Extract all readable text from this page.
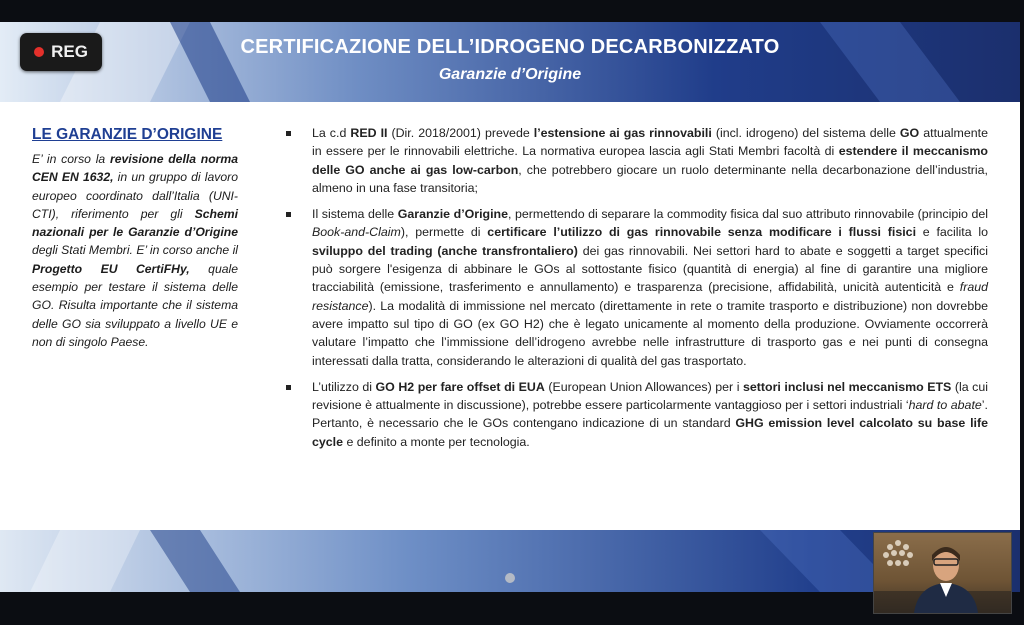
CERTIFICAZIONE DELL’IDROGENO DECARBONIZZATO
Garanzie d’Origine
LE GARANZIE D’ORIGINE

E’ in corso la revisione della norma CEN EN 1632, in un gruppo di lavoro europeo coordinato dall’Italia (UNI-CTI), riferimento per gli Schemi nazionali per le Garanzie d’Origine degli Stati Membri. E’ in corso anche il Progetto EU CertiFHy, quale esempio per testare il sistema delle GO. Risulta importante che il sistema delle GO sia sviluppato a livello UE e non di singolo Paese.

La c.d RED II (Dir. 2018/2001) prevede l’estensione ai gas rinnovabili (incl. idrogeno) del sistema delle GO attualmente in essere per le rinnovabili elettriche. La normativa europea lascia agli Stati Membri facoltà di estendere il meccanismo delle GO anche ai gas low-carbon, che potrebbero giocare un ruolo determinante nella decarbonazione dell’industria, almeno in una fase transitoria;

Il sistema delle Garanzie d’Origine, permettendo di separare la commodity fisica dal suo attributo rinnovabile (principio del Book-and-Claim), permette di certificare l’utilizzo di gas rinnovabile senza modificare i flussi fisici e facilita lo sviluppo del trading (anche transfrontaliero) dei gas rinnovabili. Nei settori hard to abate e soggetti a target specifici può sorgere l'esigenza di abbinare le GOs al sottostante fisico (quantità di energia) al fine di garantire una migliore tracciabilità (emissione, trasferimento e annullamento) e trasparenza (precisione, affidabilità, unicità autenticità e fraud resistance). La modalità di immissione nel mercato (direttamente in rete o tramite trasporto e distribuzione) non dovrebbe avere impatto sul tipo di GO (ex GO H2) che è legato unicamente al momento della produzione. Ovviamente occorrerà valutare l’impatto che l’immissione dell’idrogeno avrebbe nelle infrastrutture di trasporto gas e nei punti di consegna interessati dalla tratta, considerando le alterazioni di qualità del gas trasportato.

L’utilizzo di GO H2 per fare offset di EUA (European Union Allowances) per i settori inclusi nel meccanismo ETS (la cui revisione è attualmente in discussione), potrebbe essere particolarmente vantaggioso per i settori industriali ‘hard to abate’. Pertanto, è necessario che le GOs contengano indicazione di un standard GHG emission level calcolato su base life cycle e definito a monte per tecnologia.

REG
